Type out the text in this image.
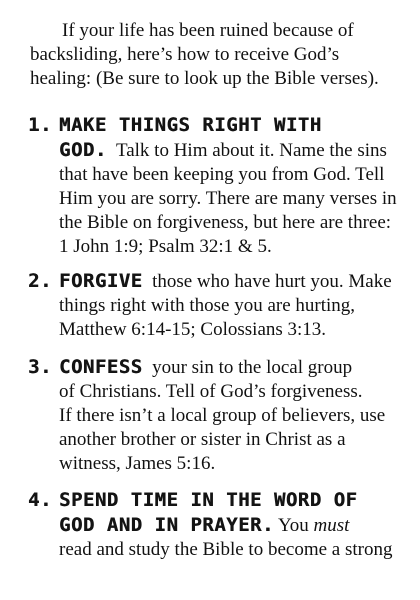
If your life has been ruined because of backsliding, here’s how to receive God’s healing: (Be sure to look up the Bible verses).

1. MAKE THINGS RIGHT WITH
GOD. Talk to Him about it. Name the sins
that have been keeping you from God. Tell
Him you are sorry. There are many verses in
the Bible on forgiveness, but here are three:
1 John 1:9; Psalm 32:1 & 5.
2. FORGIVE those who have hurt you. Make
things right with those you are hurting,
Matthew 6:14-15; Colossians 3:13.
3. CONFESS your sin to the local group
of Christians. Tell of God’s forgiveness.
If there isn’t a local group of believers, use
another brother or sister in Christ as a
witness, James 5:16.
4. SPEND TIME IN THE WORD OF
GOD AND IN PRAYER. You must
read and study the Bible to become a strong
